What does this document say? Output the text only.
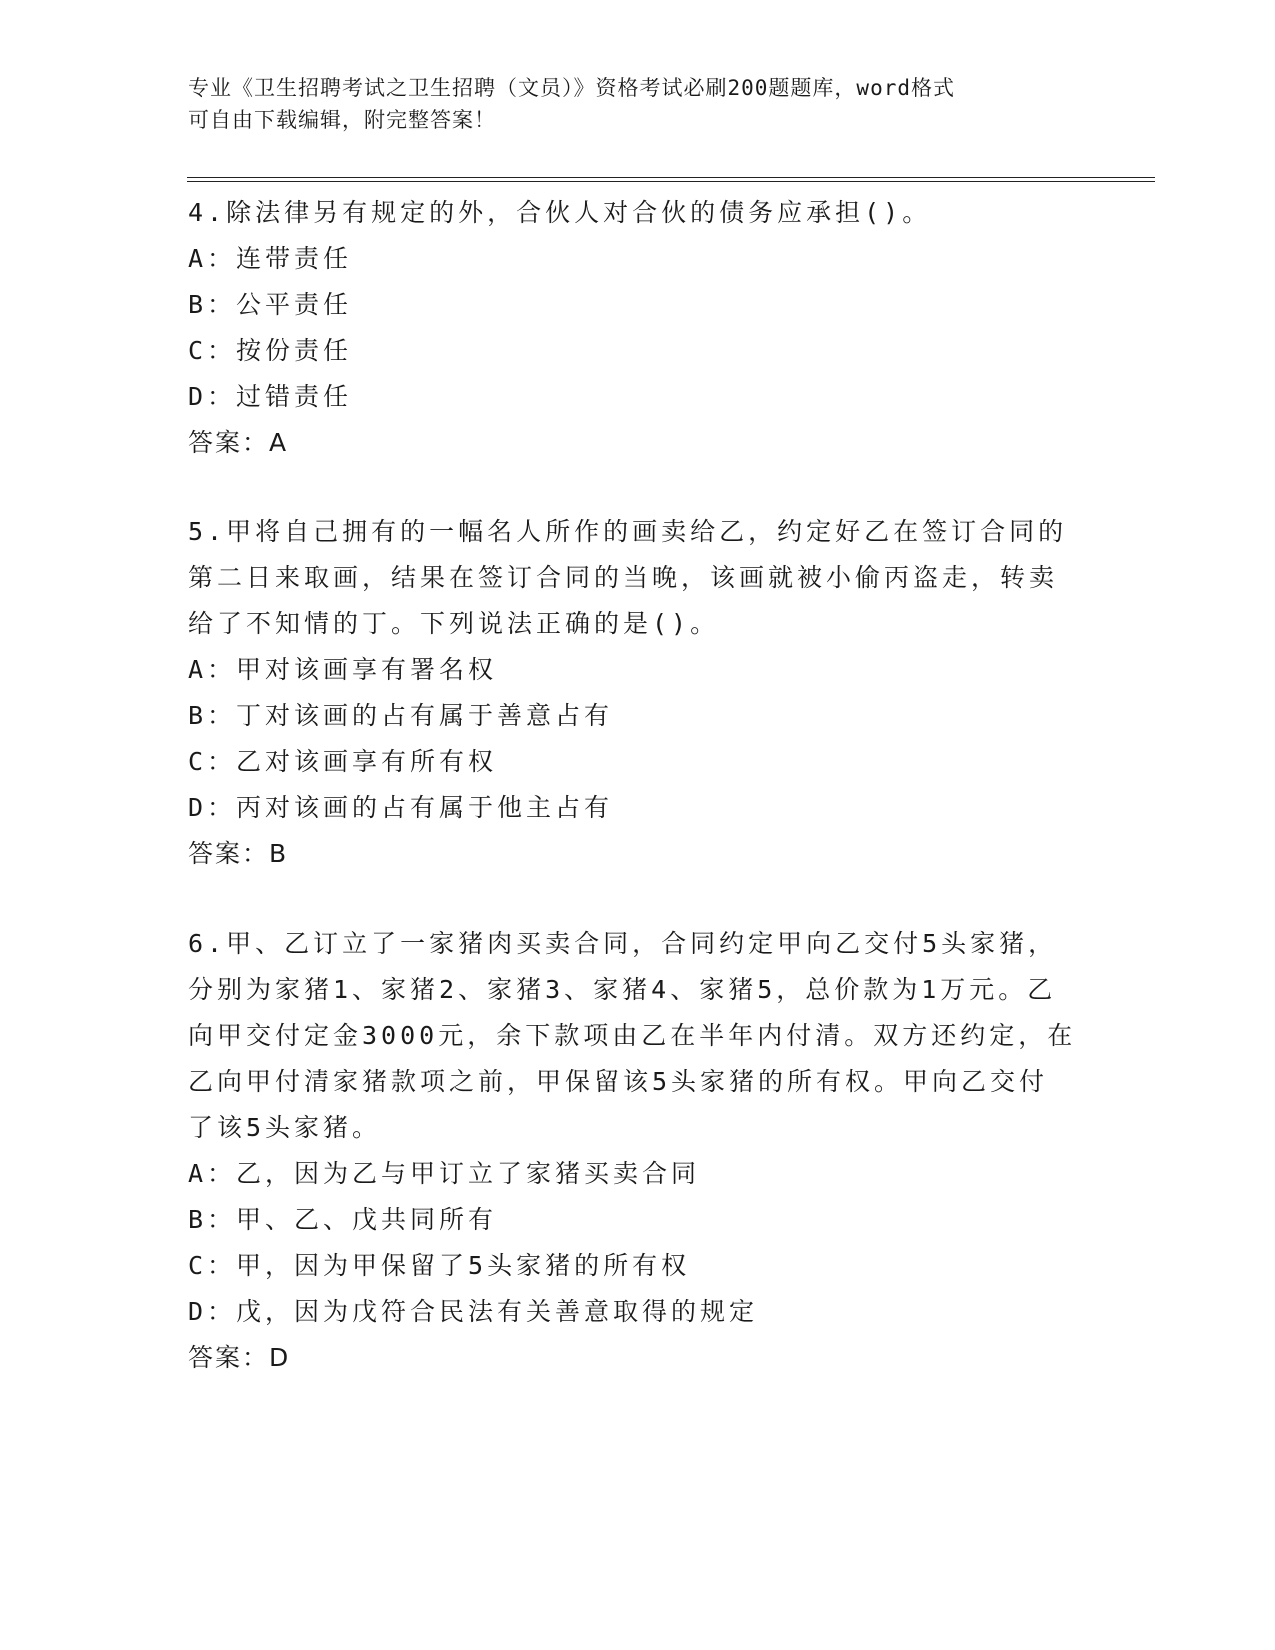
专业《卫生招聘考试之卫生招聘（文员）》资格考试必刷200题题库，word格式
可自由下载编辑，附完整答案！
4.除法律另有规定的外，合伙人对合伙的债务应承担()。
A：连带责任
B：公平责任
C：按份责任
D：过错责任
答案：A
5.甲将自己拥有的一幅名人所作的画卖给乙，约定好乙在签订合同的
第二日来取画，结果在签订合同的当晚，该画就被小偷丙盗走，转卖
给了不知情的丁。下列说法正确的是()。
A：甲对该画享有署名权
B：丁对该画的占有属于善意占有
C：乙对该画享有所有权
D：丙对该画的占有属于他主占有
答案：B
6.甲、乙订立了一家猪肉买卖合同，合同约定甲向乙交付5头家猪，
分别为家猪1、家猪2、家猪3、家猪4、家猪5，总价款为1万元。乙
向甲交付定金3000元，余下款项由乙在半年内付清。双方还约定，在
乙向甲付清家猪款项之前，甲保留该5头家猪的所有权。甲向乙交付
了该5头家猪。
A：乙，因为乙与甲订立了家猪买卖合同
B：甲、乙、戊共同所有
C：甲，因为甲保留了5头家猪的所有权
D：戊，因为戊符合民法有关善意取得的规定
答案：D
